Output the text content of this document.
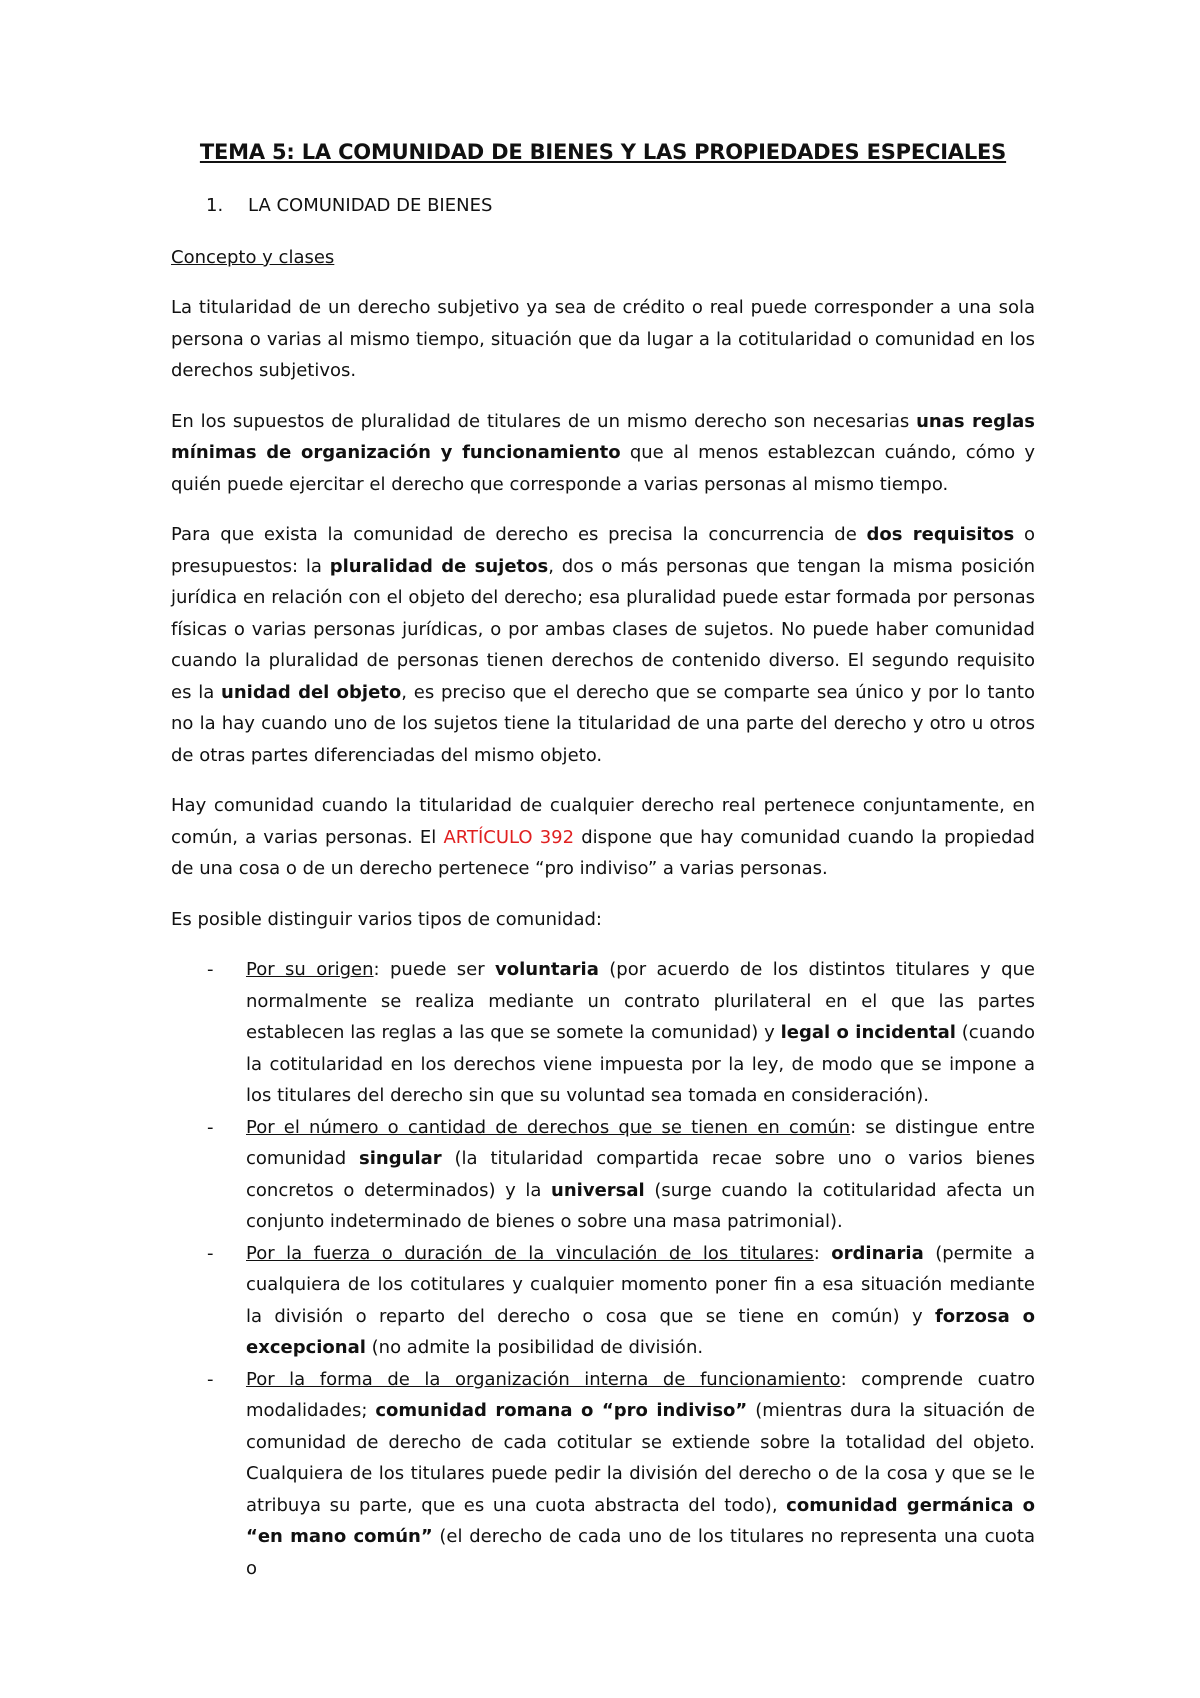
TEMA 5: LA COMUNIDAD DE BIENES Y LAS PROPIEDADES ESPECIALES
1. LA COMUNIDAD DE BIENES
Concepto y clases

La titularidad de un derecho subjetivo ya sea de crédito o real puede corresponder a una sola persona o varias al mismo tiempo, situación que da lugar a la cotitularidad o comunidad en los derechos subjetivos.

En los supuestos de pluralidad de titulares de un mismo derecho son necesarias unas reglas mínimas de organización y funcionamiento que al menos establezcan cuándo, cómo y quién puede ejercitar el derecho que corresponde a varias personas al mismo tiempo.

Para que exista la comunidad de derecho es precisa la concurrencia de dos requisitos o presupuestos: la pluralidad de sujetos, dos o más personas que tengan la misma posición jurídica en relación con el objeto del derecho; esa pluralidad puede estar formada por personas físicas o varias personas jurídicas, o por ambas clases de sujetos. No puede haber comunidad cuando la pluralidad de personas tienen derechos de contenido diverso. El segundo requisito es la unidad del objeto, es preciso que el derecho que se comparte sea único y por lo tanto no la hay cuando uno de los sujetos tiene la titularidad de una parte del derecho y otro u otros de otras partes diferenciadas del mismo objeto.

Hay comunidad cuando la titularidad de cualquier derecho real pertenece conjuntamente, en común, a varias personas. El ARTÍCULO 392 dispone que hay comunidad cuando la propiedad de una cosa o de un derecho pertenece “pro indiviso” a varias personas.

Es posible distinguir varios tipos de comunidad:

- Por su origen: puede ser voluntaria (por acuerdo de los distintos titulares y que normalmente se realiza mediante un contrato plurilateral en el que las partes establecen las reglas a las que se somete la comunidad) y legal o incidental (cuando la cotitularidad en los derechos viene impuesta por la ley, de modo que se impone a los titulares del derecho sin que su voluntad sea tomada en consideración).
- Por el número o cantidad de derechos que se tienen en común: se distingue entre comunidad singular (la titularidad compartida recae sobre uno o varios bienes concretos o determinados) y la universal (surge cuando la cotitularidad afecta un conjunto indeterminado de bienes o sobre una masa patrimonial).
- Por la fuerza o duración de la vinculación de los titulares: ordinaria (permite a cualquiera de los cotitulares y cualquier momento poner fin a esa situación mediante la división o reparto del derecho o cosa que se tiene en común) y forzosa o excepcional (no admite la posibilidad de división.
- Por la forma de la organización interna de funcionamiento: comprende cuatro modalidades; comunidad romana o “pro indiviso” (mientras dura la situación de comunidad de derecho de cada cotitular se extiende sobre la totalidad del objeto. Cualquiera de los titulares puede pedir la división del derecho o de la cosa y que se le atribuya su parte, que es una cuota abstracta del todo), comunidad germánica o “en mano común” (el derecho de cada uno de los titulares no representa una cuota o
